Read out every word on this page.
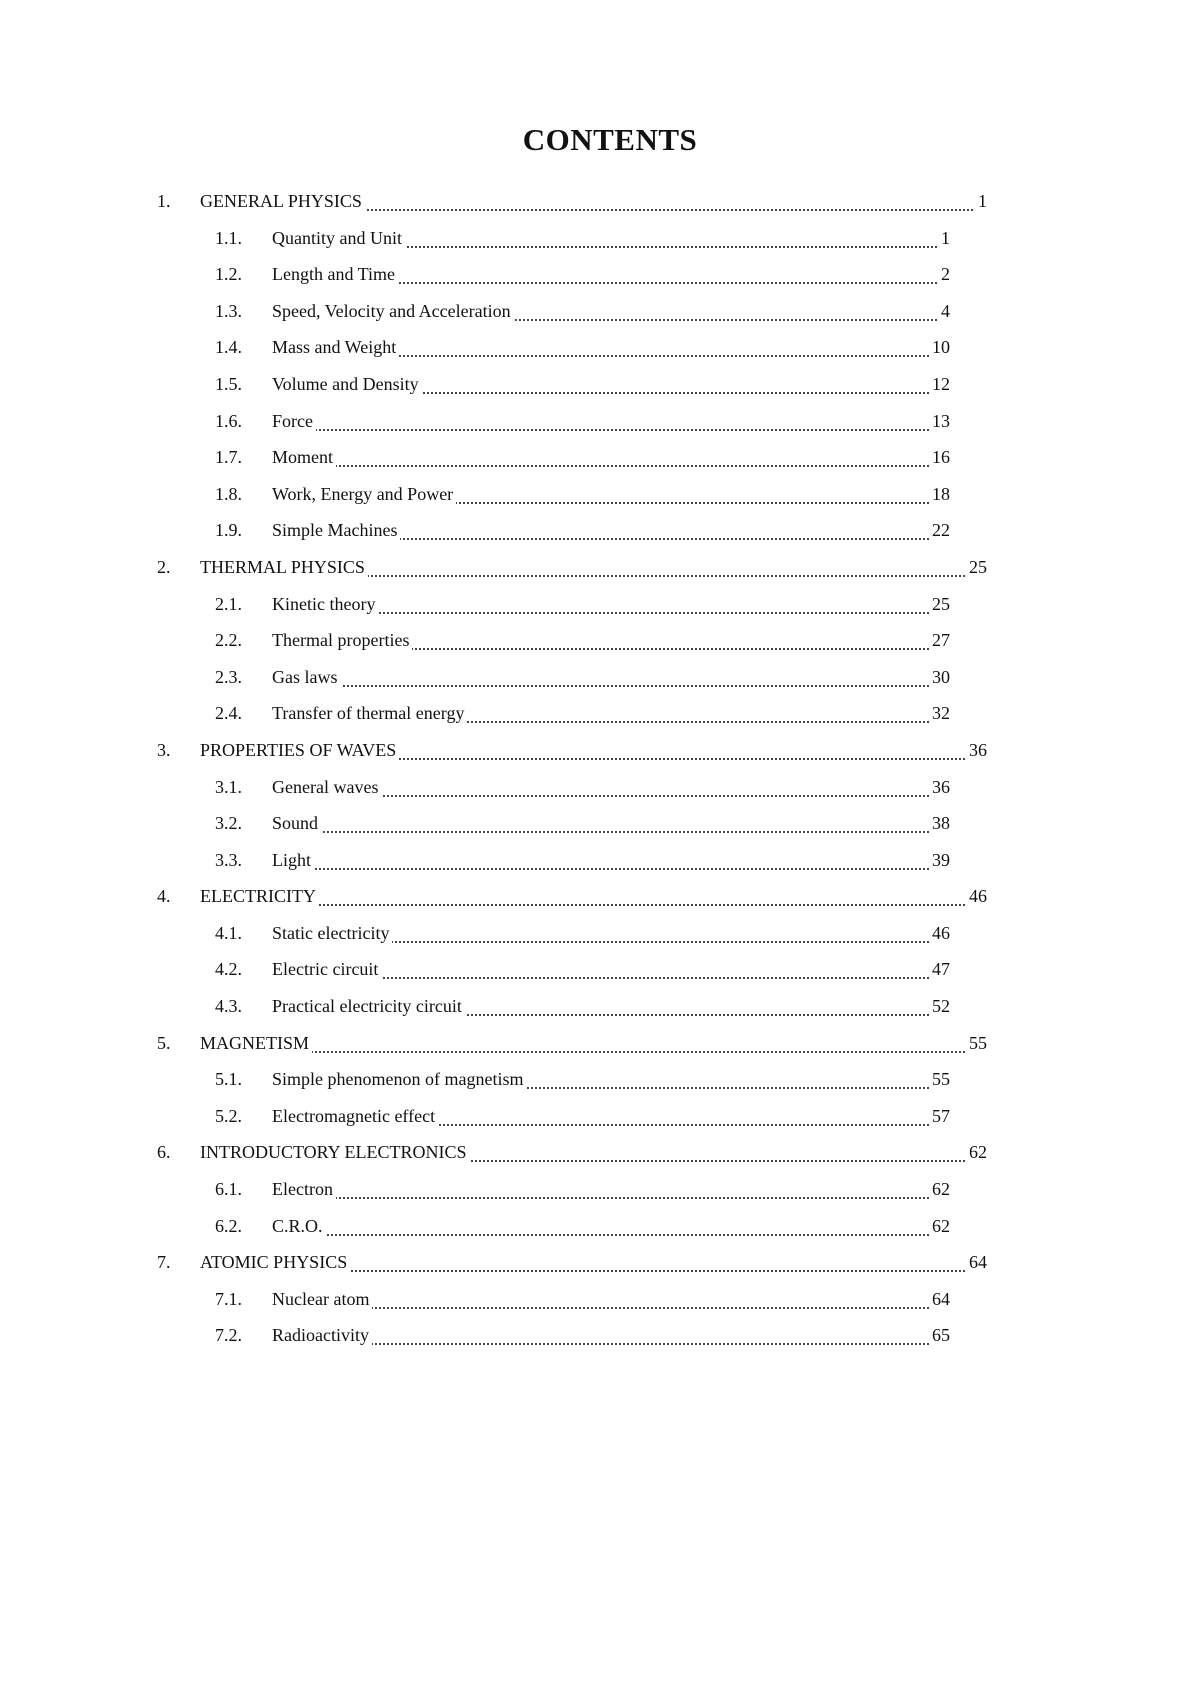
CONTENTS
1. GENERAL PHYSICS	1
1.1. Quantity and Unit	1
1.2. Length and Time	2
1.3. Speed, Velocity and Acceleration	4
1.4. Mass and Weight	10
1.5. Volume and Density	12
1.6. Force	13
1.7. Moment	16
1.8. Work, Energy and Power	18
1.9. Simple Machines	22
2. THERMAL PHYSICS	25
2.1. Kinetic theory	25
2.2. Thermal properties	27
2.3. Gas laws	30
2.4. Transfer of thermal energy	32
3. PROPERTIES OF WAVES	36
3.1. General waves	36
3.2. Sound	38
3.3. Light	39
4. ELECTRICITY	46
4.1. Static electricity	46
4.2. Electric circuit	47
4.3. Practical electricity circuit	52
5. MAGNETISM	55
5.1. Simple phenomenon of magnetism	55
5.2. Electromagnetic effect	57
6. INTRODUCTORY ELECTRONICS	62
6.1. Electron	62
6.2. C.R.O.	62
7. ATOMIC PHYSICS	64
7.1. Nuclear atom	64
7.2. Radioactivity	65
